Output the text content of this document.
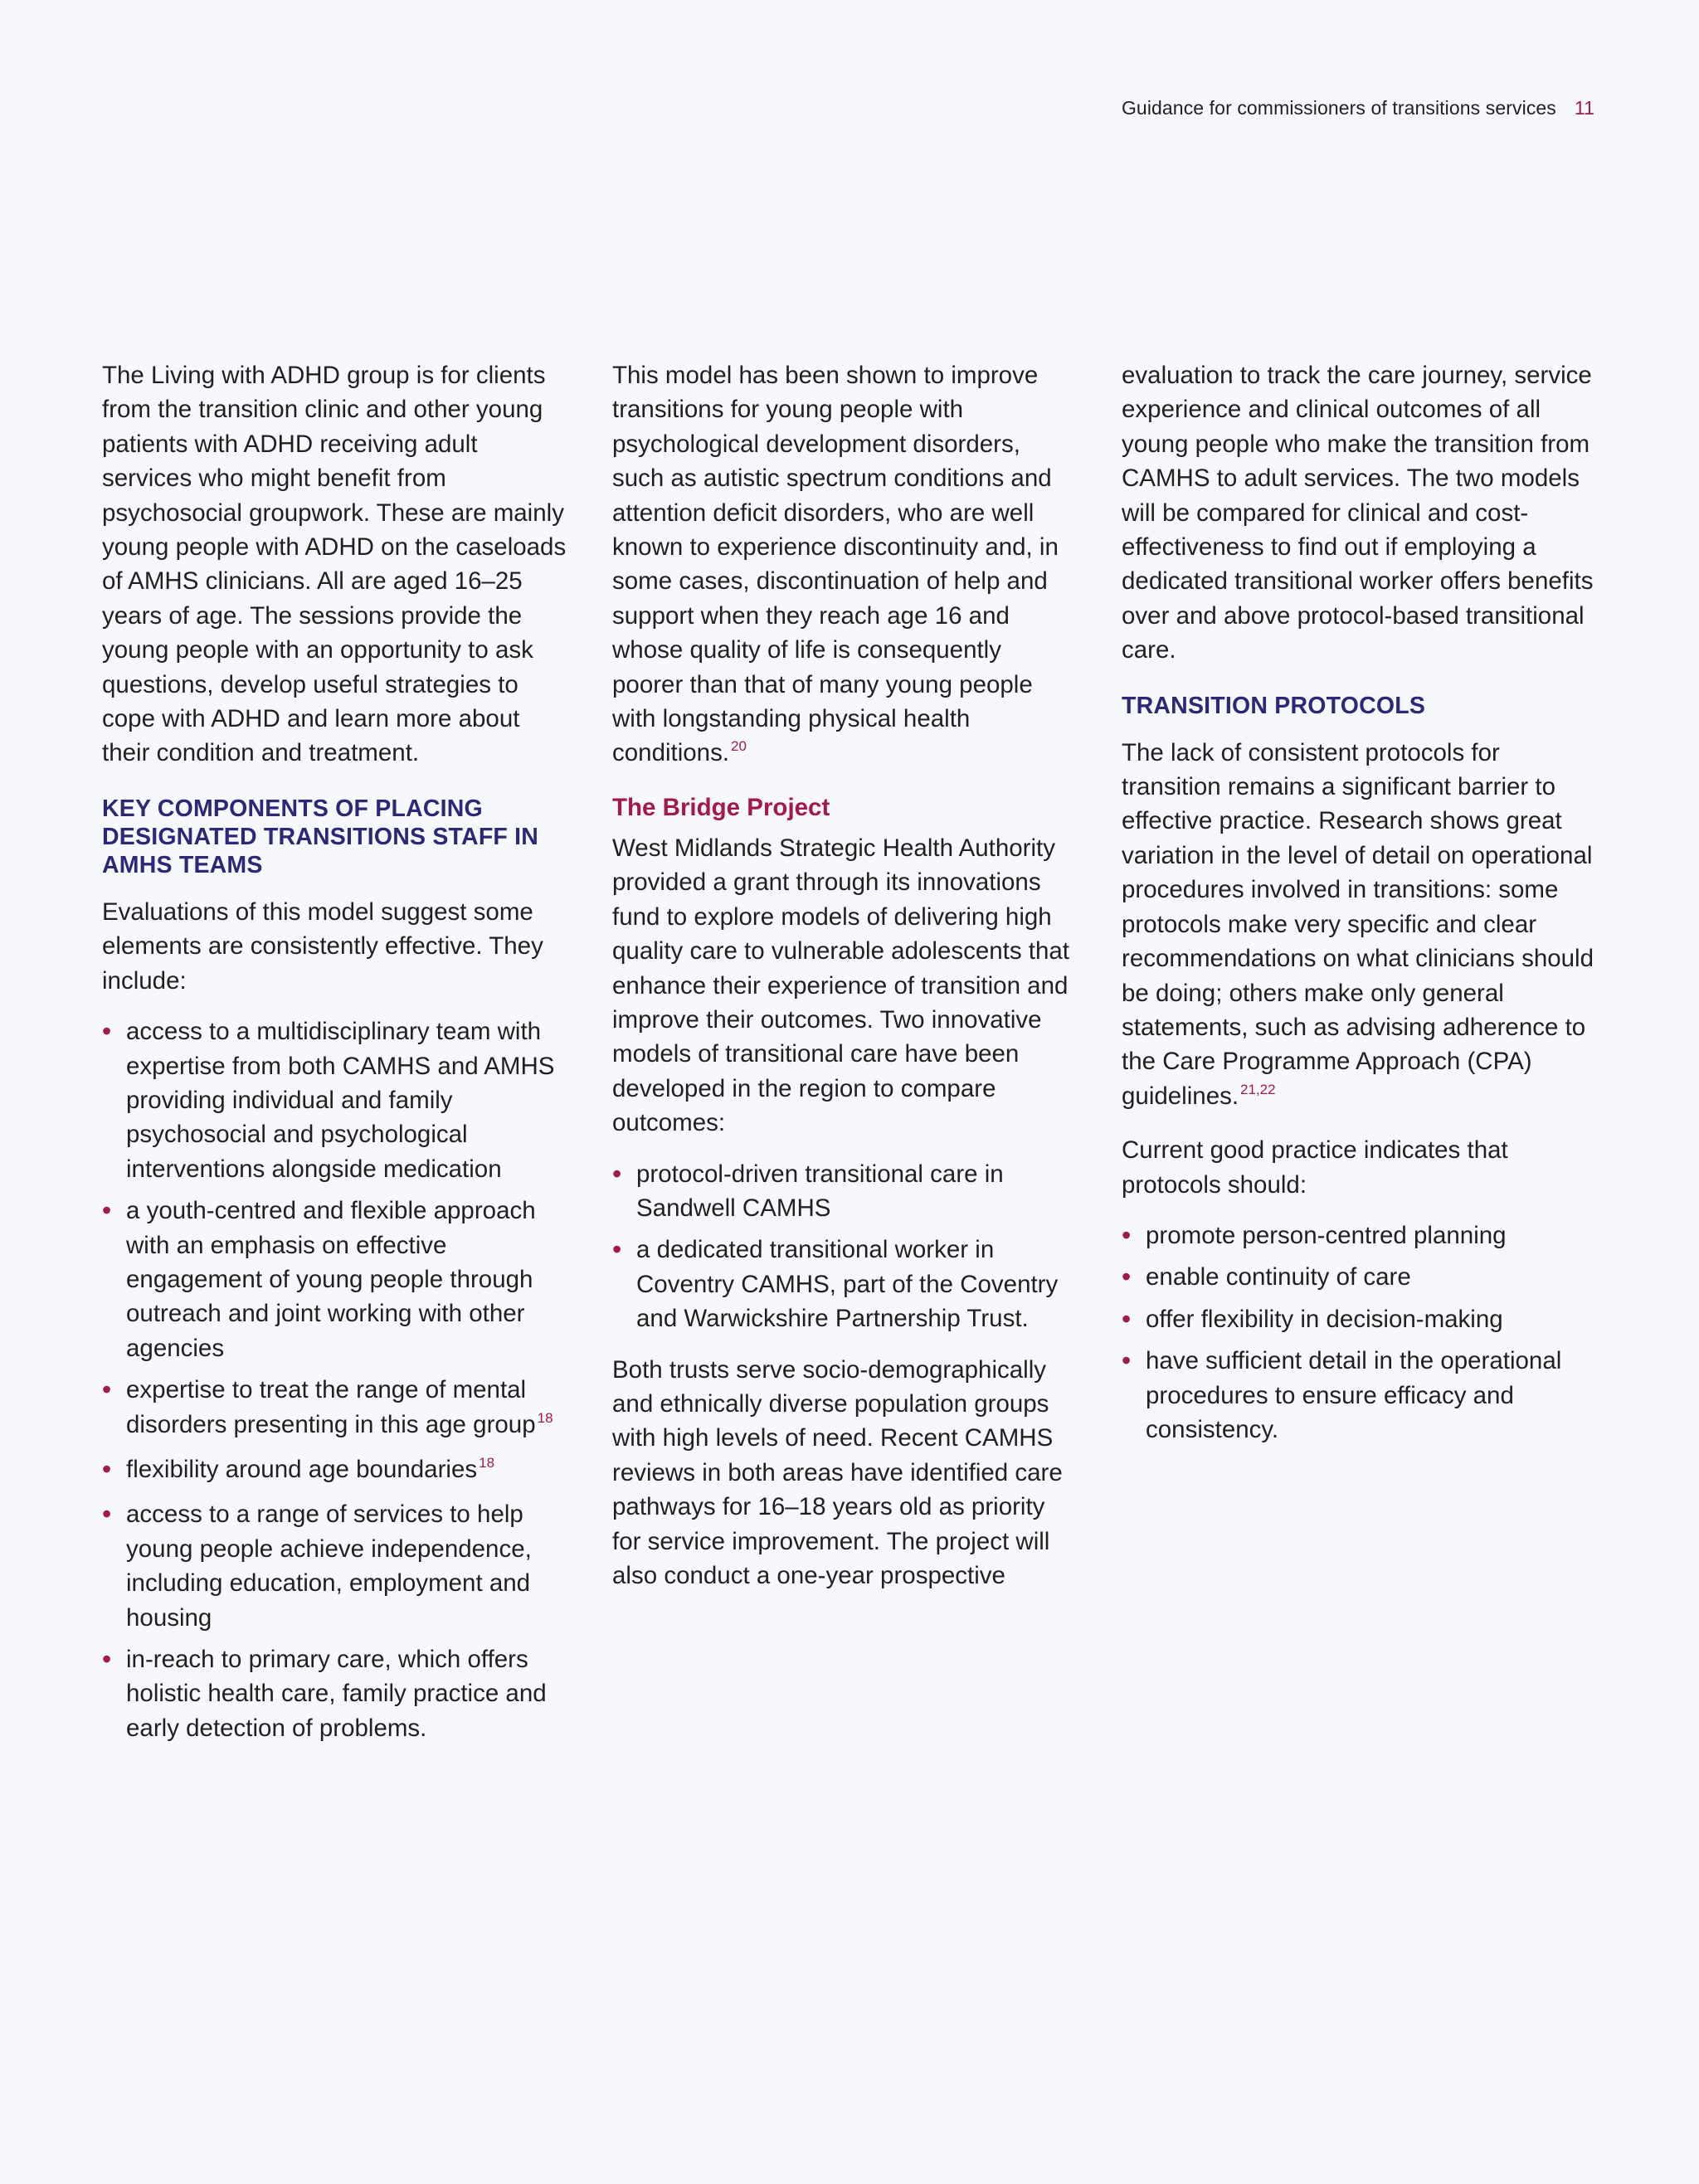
Guidance for commissioners of transitions services 11

The Living with ADHD group is for clients from the transition clinic and other young patients with ADHD receiving adult services who might benefit from psychosocial groupwork. These are mainly young people with ADHD on the caseloads of AMHS clinicians. All are aged 16–25 years of age. The sessions provide the young people with an opportunity to ask questions, develop useful strategies to cope with ADHD and learn more about their condition and treatment.

KEY COMPONENTS OF PLACING DESIGNATED TRANSITIONS STAFF IN AMHS TEAMS

Evaluations of this model suggest some elements are consistently effective. They include:

• access to a multidisciplinary team with expertise from both CAMHS and AMHS providing individual and family psychosocial and psychological interventions alongside medication
• a youth-centred and flexible approach with an emphasis on effective engagement of young people through outreach and joint working with other agencies
• expertise to treat the range of mental disorders presenting in this age group $^{18}$
• flexibility around age boundaries $^{18}$
• access to a range of services to help young people achieve independence, including education, employment and housing
• in-reach to primary care, which offers holistic health care, family practice and early detection of problems.

This model has been shown to improve transitions for young people with psychological development disorders, such as autistic spectrum conditions and attention deficit disorders, who are well known to experience discontinuity and, in some cases, discontinuation of help and support when they reach age 16 and whose quality of life is consequently poorer than that of many young people with longstanding physical health conditions. $^{20}$

The Bridge Project

West Midlands Strategic Health Authority provided a grant through its innovations fund to explore models of delivering high quality care to vulnerable adolescents that enhance their experience of transition and improve their outcomes. Two innovative models of transitional care have been developed in the region to compare outcomes:

• protocol-driven transitional care in Sandwell CAMHS
• a dedicated transitional worker in Coventry CAMHS, part of the Coventry and Warwickshire Partnership Trust.

Both trusts serve socio-demographically and ethnically diverse population groups with high levels of need. Recent CAMHS reviews in both areas have identified care pathways for 16–18 years old as priority for service improvement. The project will also conduct a one-year prospective

evaluation to track the care journey, service experience and clinical outcomes of all young people who make the transition from CAMHS to adult services. The two models will be compared for clinical and cost-effectiveness to find out if employing a dedicated transitional worker offers benefits over and above protocol-based transitional care.

TRANSITION PROTOCOLS

The lack of consistent protocols for transition remains a significant barrier to effective practice. Research shows great variation in the level of detail on operational procedures involved in transitions: some protocols make very specific and clear recommendations on what clinicians should be doing; others make only general statements, such as advising adherence to the Care Programme Approach (CPA) guidelines. $^{21,22}$

Current good practice indicates that protocols should:

• promote person-centred planning
• enable continuity of care
• offer flexibility in decision-making
• have sufficient detail in the operational procedures to ensure efficacy and consistency.
